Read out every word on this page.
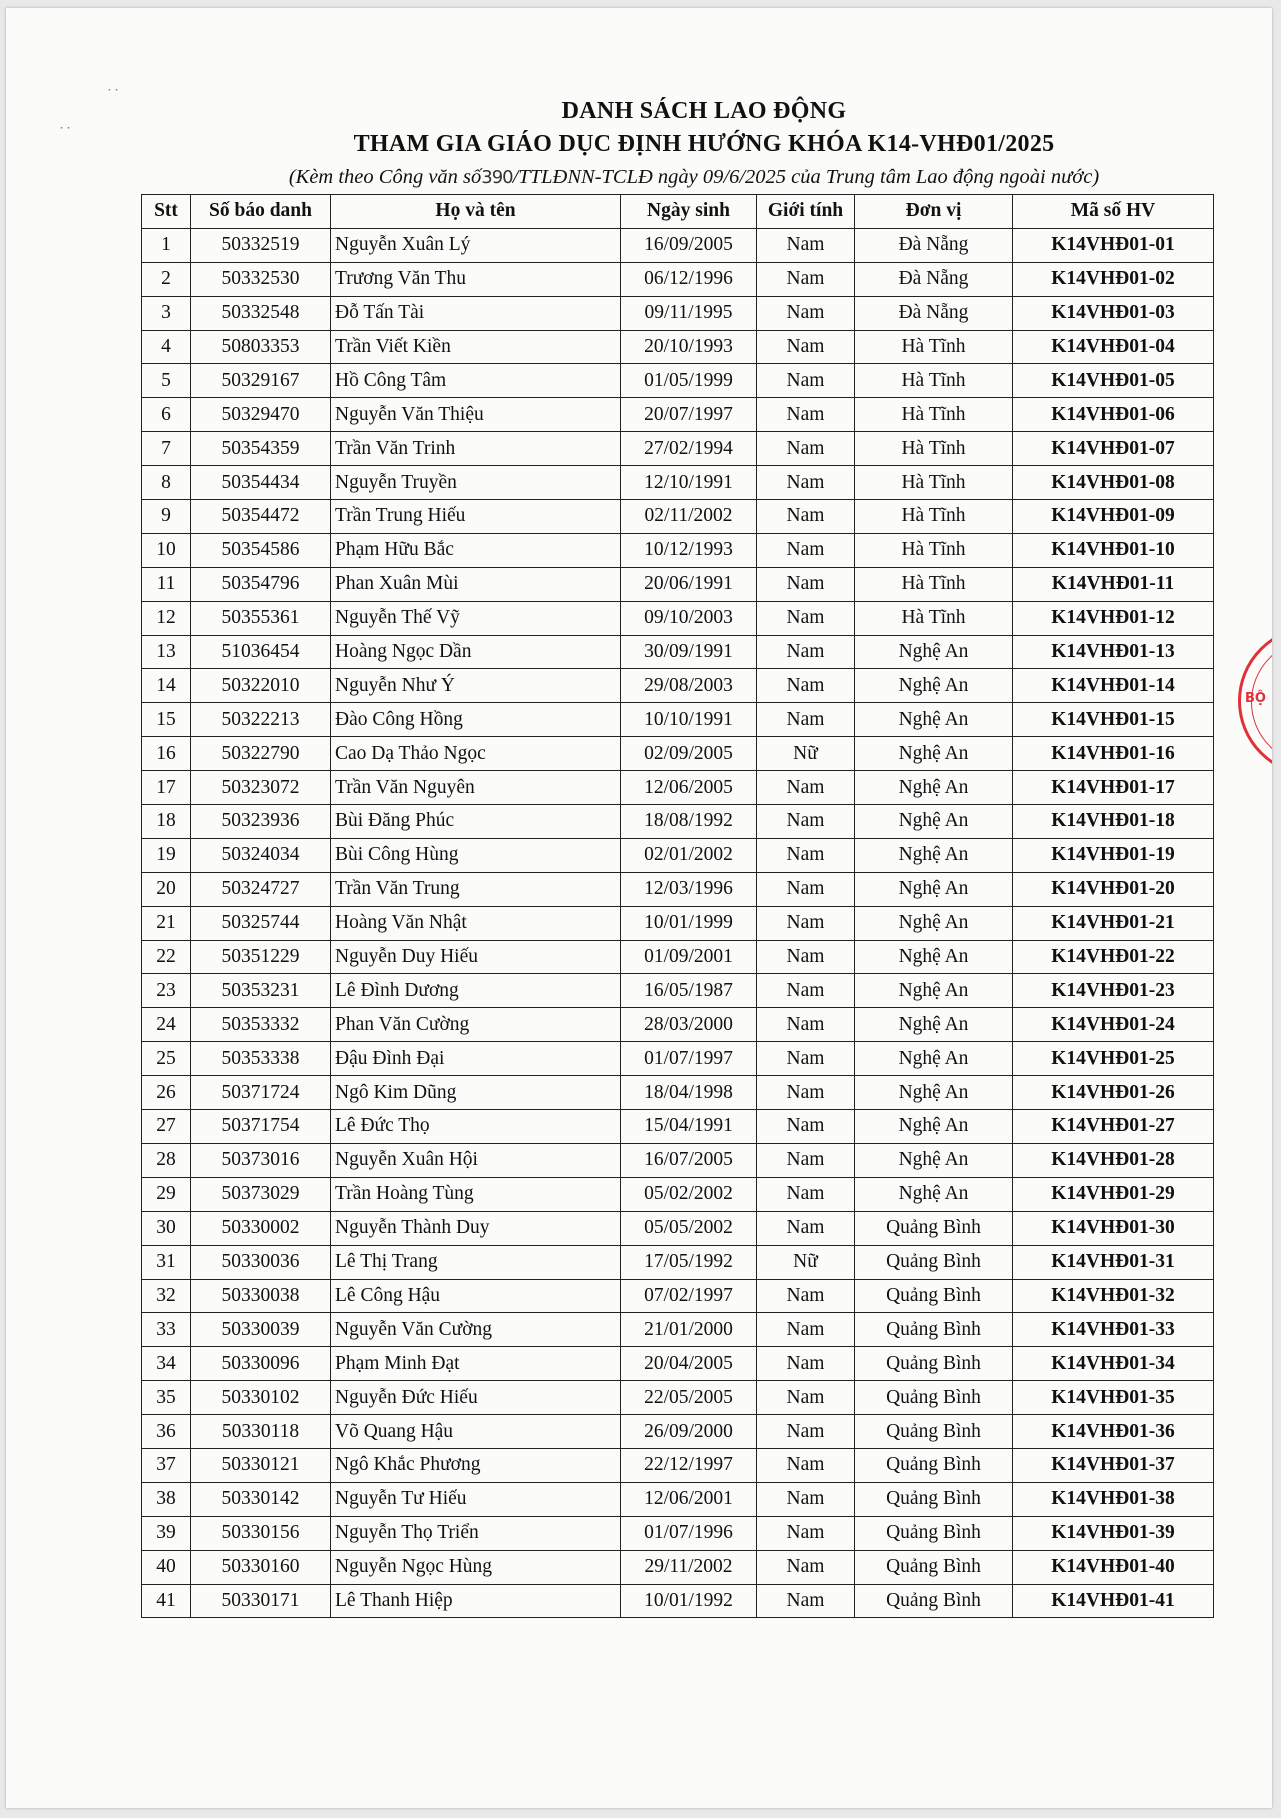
˙˙
˙˙
DANH SÁCH LAO ĐỘNG
THAM GIA GIÁO DỤC ĐỊNH HƯỚNG KHÓA K14-VHĐ01/2025
(Kèm theo Công văn số390/TTLĐNN-TCLĐ ngày 09/6/2025 của Trung tâm Lao động ngoài nước)
Stt	Số báo danh	Họ và tên	Ngày sinh	Giới tính	Đơn vị	Mã số HV
1	50332519	Nguyễn Xuân Lý	16/09/2005	Nam	Đà Nẵng	K14VHĐ01-01
2	50332530	Trương Văn Thu	06/12/1996	Nam	Đà Nẵng	K14VHĐ01-02
3	50332548	Đỗ Tấn Tài	09/11/1995	Nam	Đà Nẵng	K14VHĐ01-03
4	50803353	Trần Viết Kiền	20/10/1993	Nam	Hà Tĩnh	K14VHĐ01-04
5	50329167	Hồ Công Tâm	01/05/1999	Nam	Hà Tĩnh	K14VHĐ01-05
6	50329470	Nguyễn Văn Thiệu	20/07/1997	Nam	Hà Tĩnh	K14VHĐ01-06
7	50354359	Trần Văn Trinh	27/02/1994	Nam	Hà Tĩnh	K14VHĐ01-07
8	50354434	Nguyễn Truyền	12/10/1991	Nam	Hà Tĩnh	K14VHĐ01-08
9	50354472	Trần Trung Hiếu	02/11/2002	Nam	Hà Tĩnh	K14VHĐ01-09
10	50354586	Phạm Hữu Bắc	10/12/1993	Nam	Hà Tĩnh	K14VHĐ01-10
11	50354796	Phan Xuân Mùi	20/06/1991	Nam	Hà Tĩnh	K14VHĐ01-11
12	50355361	Nguyễn Thế Vỹ	09/10/2003	Nam	Hà Tĩnh	K14VHĐ01-12
13	51036454	Hoàng Ngọc Dần	30/09/1991	Nam	Nghệ An	K14VHĐ01-13
14	50322010	Nguyễn Như Ý	29/08/2003	Nam	Nghệ An	K14VHĐ01-14
15	50322213	Đào Công Hồng	10/10/1991	Nam	Nghệ An	K14VHĐ01-15
16	50322790	Cao Dạ Thảo Ngọc	02/09/2005	Nữ	Nghệ An	K14VHĐ01-16
17	50323072	Trần Văn Nguyên	12/06/2005	Nam	Nghệ An	K14VHĐ01-17
18	50323936	Bùi Đăng Phúc	18/08/1992	Nam	Nghệ An	K14VHĐ01-18
19	50324034	Bùi Công Hùng	02/01/2002	Nam	Nghệ An	K14VHĐ01-19
20	50324727	Trần Văn Trung	12/03/1996	Nam	Nghệ An	K14VHĐ01-20
21	50325744	Hoàng Văn Nhật	10/01/1999	Nam	Nghệ An	K14VHĐ01-21
22	50351229	Nguyễn Duy Hiếu	01/09/2001	Nam	Nghệ An	K14VHĐ01-22
23	50353231	Lê Đình Dương	16/05/1987	Nam	Nghệ An	K14VHĐ01-23
24	50353332	Phan Văn Cường	28/03/2000	Nam	Nghệ An	K14VHĐ01-24
25	50353338	Đậu Đình Đại	01/07/1997	Nam	Nghệ An	K14VHĐ01-25
26	50371724	Ngô Kim Dũng	18/04/1998	Nam	Nghệ An	K14VHĐ01-26
27	50371754	Lê Đức Thọ	15/04/1991	Nam	Nghệ An	K14VHĐ01-27
28	50373016	Nguyễn Xuân Hội	16/07/2005	Nam	Nghệ An	K14VHĐ01-28
29	50373029	Trần Hoàng Tùng	05/02/2002	Nam	Nghệ An	K14VHĐ01-29
30	50330002	Nguyễn Thành Duy	05/05/2002	Nam	Quảng Bình	K14VHĐ01-30
31	50330036	Lê Thị Trang	17/05/1992	Nữ	Quảng Bình	K14VHĐ01-31
32	50330038	Lê Công Hậu	07/02/1997	Nam	Quảng Bình	K14VHĐ01-32
33	50330039	Nguyễn Văn Cường	21/01/2000	Nam	Quảng Bình	K14VHĐ01-33
34	50330096	Phạm Minh Đạt	20/04/2005	Nam	Quảng Bình	K14VHĐ01-34
35	50330102	Nguyễn Đức Hiếu	22/05/2005	Nam	Quảng Bình	K14VHĐ01-35
36	50330118	Võ Quang Hậu	26/09/2000	Nam	Quảng Bình	K14VHĐ01-36
37	50330121	Ngô Khắc Phương	22/12/1997	Nam	Quảng Bình	K14VHĐ01-37
38	50330142	Nguyễn Tư Hiếu	12/06/2001	Nam	Quảng Bình	K14VHĐ01-38
39	50330156	Nguyễn Thọ Triển	01/07/1996	Nam	Quảng Bình	K14VHĐ01-39
40	50330160	Nguyễn Ngọc Hùng	29/11/2002	Nam	Quảng Bình	K14VHĐ01-40
41	50330171	Lê Thanh Hiệp	10/01/1992	Nam	Quảng Bình	K14VHĐ01-41
BỘ
